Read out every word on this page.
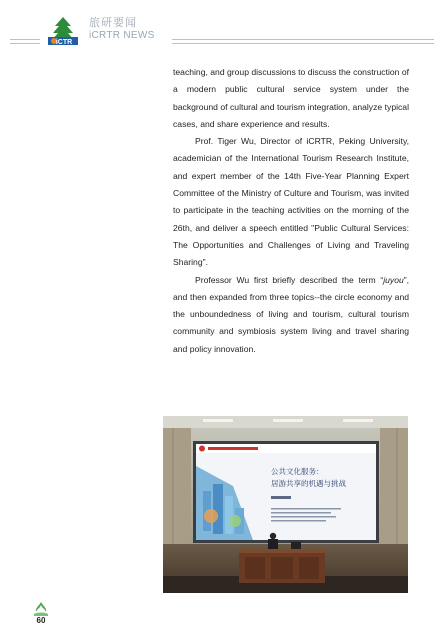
iCTR
旅研要闻
iCRTR NEWS

teaching, and group discussions to discuss the construction of a modern public cultural service system under the background of cultural and tourism integration, analyze typical cases, and share experience and results.

Prof. Tiger Wu, Director of iCRTR, Peking University, academician of the International Tourism Research Institute, and expert member of the 14th Five-Year Planning Expert Committee of the Ministry of Culture and Tourism, was invited to participate in the teaching activities on the morning of the 26th, and deliver a speech entitled "Public Cultural Services: The Opportunities and Challenges of Living and Traveling Sharing".

Professor Wu first briefly described the term “juyou”, and then expanded from three topics--the circle economy and the unboundedness of living and tourism, cultural tourism community and symbiosis system living and travel sharing and policy innovation.

公共文化服务：
居游共享的机遇与挑战
60
